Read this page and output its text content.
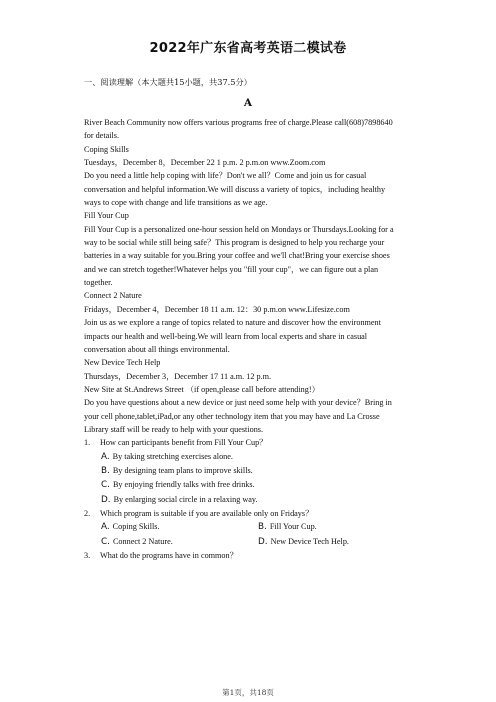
2022年广东省高考英语二模试卷
一、阅读理解（本大题共15小题，共37.5分）
A

River Beach Community now offers various programs free of charge.Please call(608)7898640

for details.

Coping Skills

Tuesdays，December 8，December 22 1 p.m. 2 p.m.on www.Zoom.com

Do you need a little help coping with life？Don't we all？Come and join us for casual

conversation and helpful information.We will discuss a variety of topics，including healthy

ways to cope with change and life transitions as we age.

Fill Your Cup

Fill Your Cup is a personalized one-hour session held on Mondays or Thursdays.Looking for a

way to be social while still being safe？This program is designed to help you recharge your

batteries in a way suitable for you.Bring your coffee and we'll chat!Bring your exercise shoes

and we can stretch together!Whatever helps you "fill your cup"，we can figure out a plan

together.

Connect 2 Nature

Fridays，December 4，December 18 11 a.m. 12：30 p.m.on www.Lifesize.com

Join us as we explore a range of topics related to nature and discover how the environment

impacts our health and well-being.We will learn from local experts and share in casual

conversation about all things environmental.

New Device Tech Help

Thursdays，December 3，December 17 11 a.m. 12 p.m.

New Site at St.Andrews Street （if open,please call before attending!）

Do you have questions about a new device or just need some help with your device？Bring in

your cell phone,tablet,iPad,or any other technology item that you may have and La Crosse

Library staff will be ready to help with your questions.

1. How can participants benefit from Fill Your Cup？

A. By taking stretching exercises alone.

B. By designing team plans to improve skills.

C. By enjoying friendly talks with free drinks.

D. By enlarging social circle in a relaxing way.

2. Which program is suitable if you are available only on Fridays？

A. Coping Skills.	B. Fill Your Cup.

C. Connect 2 Nature.	D. New Device Tech Help.

3. What do the programs have in common？

第1页，共18页
